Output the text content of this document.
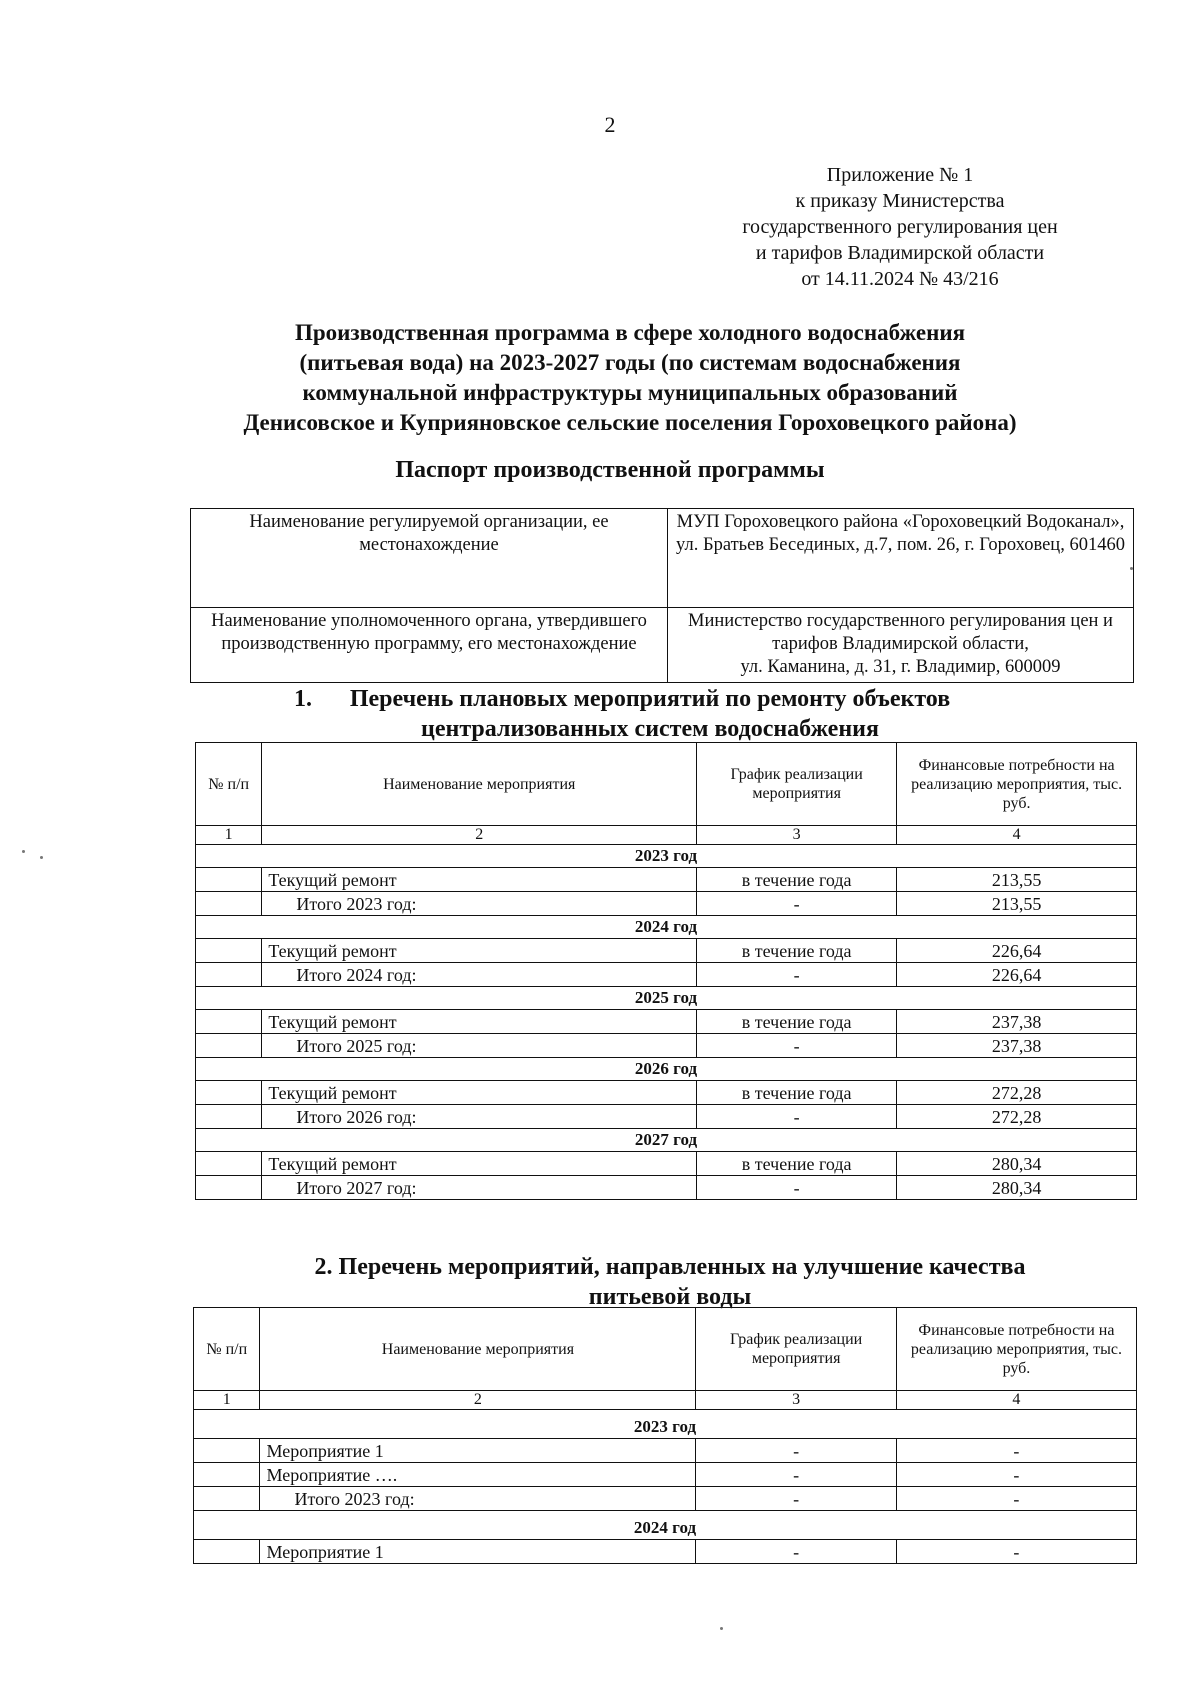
2
Приложение № 1
к приказу Министерства
государственного регулирования цен
и тарифов Владимирской области
от 14.11.2024 № 43/216
Производственная программа в сфере холодного водоснабжения
(питьевая вода) на 2023-2027 годы (по системам водоснабжения
коммунальной инфраструктуры муниципальных образований
Денисовское и Куприяновское сельские поселения Гороховецкого района)
Паспорт производственной программы
Наименование регулируемой организации, ее местонахождение	МУП Гороховецкого района «Гороховецкий Водоканал»,
ул. Братьев Бесединых, д.7, пом. 26, г. Гороховец, 601460

Наименование уполномоченного органа, утвердившего производственную программу, его местонахождение	Министерство государственного регулирования цен и тарифов Владимирской области,
ул. Каманина, д. 31, г. Владимир, 600009
1.	Перечень плановых мероприятий по ремонту объектов
централизованных систем водоснабжения
№ п/п	Наименование мероприятия	График реализации мероприятия	Финансовые потребности на реализацию мероприятия, тыс. руб.
1	2	3	4
2023 год			
	Текущий ремонт	в течение года	213,55
	Итого 2023 год:	-	213,55
2024 год			
	Текущий ремонт	в течение года	226,64
	Итого 2024 год:	-	226,64
2025 год			
	Текущий ремонт	в течение года	237,38
	Итого 2025 год:	-	237,38
2026 год			
	Текущий ремонт	в течение года	272,28
	Итого 2026 год:	-	272,28
2027 год			
	Текущий ремонт	в течение года	280,34
	Итого 2027 год:	-	280,34
2. Перечень мероприятий, направленных на улучшение качества
питьевой воды
№ п/п	Наименование мероприятия	График реализации мероприятия	Финансовые потребности на реализацию мероприятия, тыс. руб.
1	2	3	4
2023 год			
	Мероприятие 1	-	-
	Мероприятие ….	-	-
	Итого 2023 год:	-	-
2024 год			
	Мероприятие 1	-	-
